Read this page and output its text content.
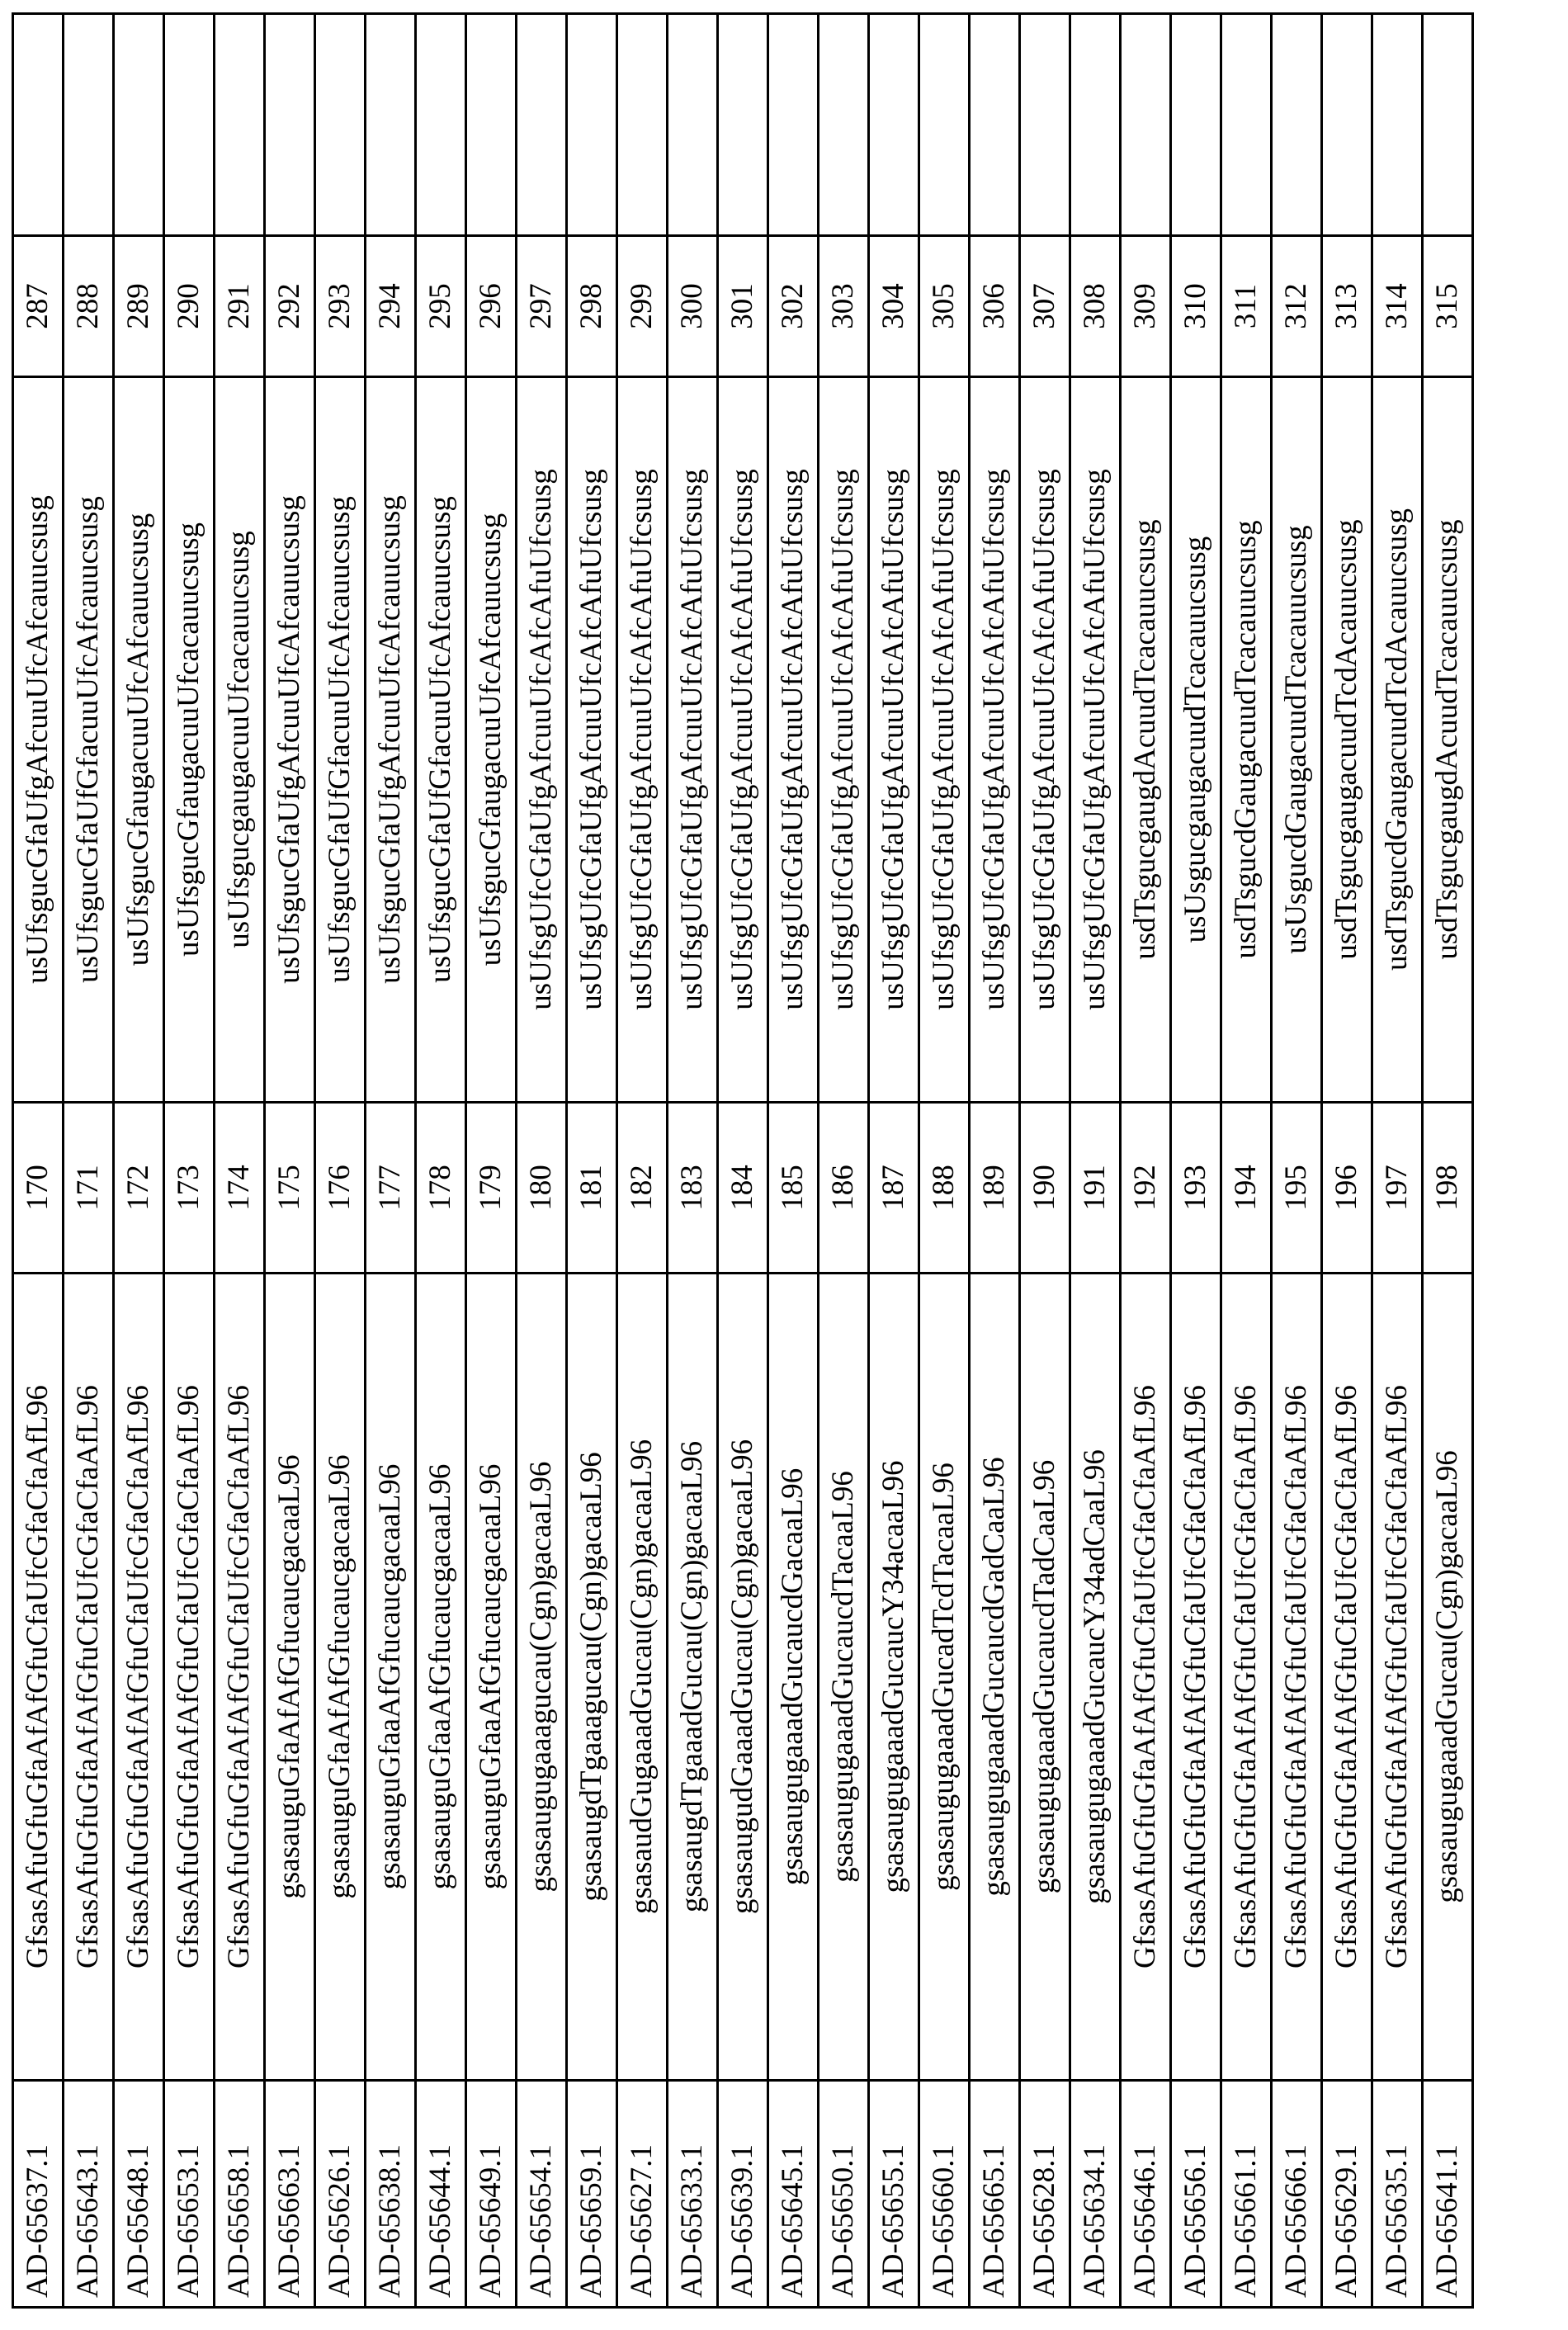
AD-65637.1	GfsasAfuGfuGfaAfAfGfuCfaUfcGfaCfaAfL96	170	usUfsgucGfaUfgAfcuuUfcAfcauucsusg	287	
AD-65643.1	GfsasAfuGfuGfaAfAfGfuCfaUfcGfaCfaAfL96	171	usUfsgucGfaUfGfacuuUfcAfcauucsusg	288	
AD-65648.1	GfsasAfuGfuGfaAfAfGfuCfaUfcGfaCfaAfL96	172	usUfsgucGfaugacuuUfcAfcauucsusg	289	
AD-65653.1	GfsasAfuGfuGfaAfAfGfuCfaUfcGfaCfaAfL96	173	usUfsgucGfaugacuuUfcacauucsusg	290	
AD-65658.1	GfsasAfuGfuGfaAfAfGfuCfaUfcGfaCfaAfL96	174	usUfsgucgaugacuuUfcacauucsusg	291	
AD-65663.1	gsasauguGfaAfAfGfucaucgacaaL96	175	usUfsgucGfaUfgAfcuuUfcAfcauucsusg	292	
AD-65626.1	gsasauguGfaAfAfGfucaucgacaaL96	176	usUfsgucGfaUfGfacuuUfcAfcauucsusg	293	
AD-65638.1	gsasauguGfaaAfGfucaucgacaaL96	177	usUfsgucGfaUfgAfcuuUfcAfcauucsusg	294	
AD-65644.1	gsasauguGfaaAfGfucaucgacaaL96	178	usUfsgucGfaUfGfacuuUfcAfcauucsusg	295	
AD-65649.1	gsasauguGfaaAfGfucaucgacaaL96	179	usUfsgucGfaugacuuUfcAfcauucsusg	296	
AD-65654.1	gsasaugugaaagucau(Cgn)gacaaL96	180	usUfsgUfcGfaUfgAfcuuUfcAfcAfuUfcsusg	297	
AD-65659.1	gsasaugdTgaaagucau(Cgn)gacaaL96	181	usUfsgUfcGfaUfgAfcuuUfcAfcAfuUfcsusg	298	
AD-65627.1	gsasaudGugaaadGucau(Cgn)gacaaL96	182	usUfsgUfcGfaUfgAfcuuUfcAfcAfuUfcsusg	299	
AD-65633.1	gsasaugdTgaaadGucau(Cgn)gacaaL96	183	usUfsgUfcGfaUfgAfcuuUfcAfcAfuUfcsusg	300	
AD-65639.1	gsasaugudGaaadGucau(Cgn)gacaaL96	184	usUfsgUfcGfaUfgAfcuuUfcAfcAfuUfcsusg	301	
AD-65645.1	gsasaugugaaadGucaucdGacaaL96	185	usUfsgUfcGfaUfgAfcuuUfcAfcAfuUfcsusg	302	
AD-65650.1	gsasaugugaaadGucaucdTacaaL96	186	usUfsgUfcGfaUfgAfcuuUfcAfcAfuUfcsusg	303	
AD-65655.1	gsasaugugaaadGucaucY34acaaL96	187	usUfsgUfcGfaUfgAfcuuUfcAfcAfuUfcsusg	304	
AD-65660.1	gsasaugugaaadGucadTcdTacaaL96	188	usUfsgUfcGfaUfgAfcuuUfcAfcAfuUfcsusg	305	
AD-65665.1	gsasaugugaaadGucaucdGadCaaL96	189	usUfsgUfcGfaUfgAfcuuUfcAfcAfuUfcsusg	306	
AD-65628.1	gsasaugugaaadGucaucdTadCaaL96	190	usUfsgUfcGfaUfgAfcuuUfcAfcAfuUfcsusg	307	
AD-65634.1	gsasaugugaaadGucaucY34adCaaL96	191	usUfsgUfcGfaUfgAfcuuUfcAfcAfuUfcsusg	308	
AD-65646.1	GfsasAfuGfuGfaAfAfGfuCfaUfcGfaCfaAfL96	192	usdTsgucgaugdAcuudTcacauucsusg	309	
AD-65656.1	GfsasAfuGfuGfaAfAfGfuCfaUfcGfaCfaAfL96	193	usUsgucgaugacuudTcacauucsusg	310	
AD-65661.1	GfsasAfuGfuGfaAfAfGfuCfaUfcGfaCfaAfL96	194	usdTsgucdGaugacuudTcacauucsusg	311	
AD-65666.1	GfsasAfuGfuGfaAfAfGfuCfaUfcGfaCfaAfL96	195	usUsgucdGaugacuudTcacauucsusg	312	
AD-65629.1	GfsasAfuGfuGfaAfAfGfuCfaUfcGfaCfaAfL96	196	usdTsgucgaugacuudTcdAcauucsusg	313	
AD-65635.1	GfsasAfuGfuGfaAfAfGfuCfaUfcGfaCfaAfL96	197	usdTsgucdGaugacuudTcdAcauucsusg	314	
AD-65641.1	gsasaugugaaadGucau(Cgn)gacaaL96	198	usdTsgucgaugdAcuudTcacauucsusg	315	
